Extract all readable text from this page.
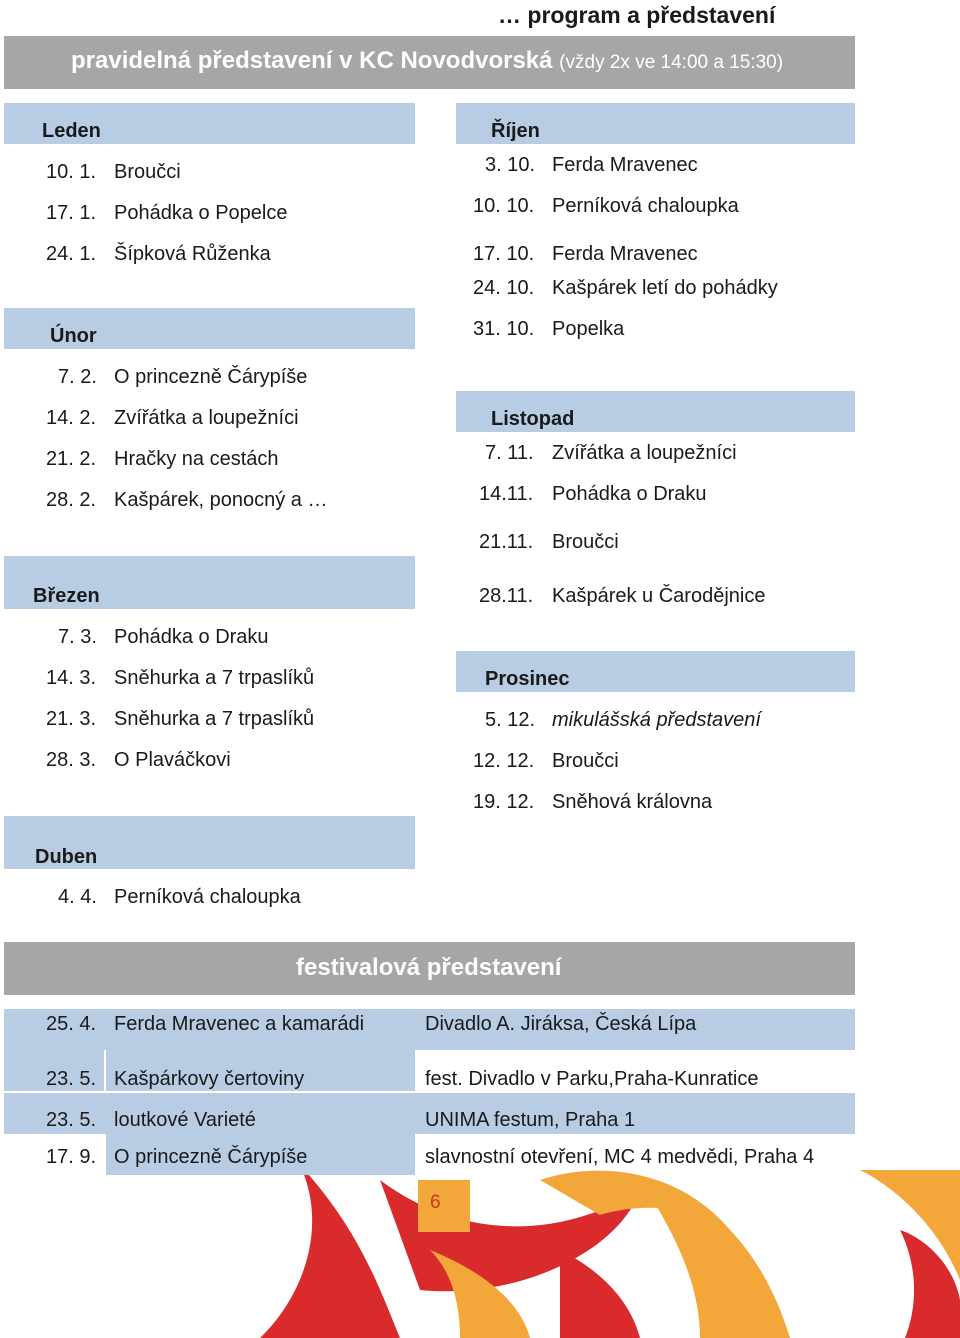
… program a představení
pravidelná představení v KC Novodvorská (vždy 2x ve 14:00 a 15:30)
Leden
10. 1. Broučci
17. 1. Pohádka o Popelce
24. 1. Šípková Růženka
Únor
7. 2. O princezně Čárypíše
14. 2. Zvířátka a loupežníci
21. 2. Hračky na cestách
28. 2. Kašpárek, ponocný a …
Březen
7. 3. Pohádka o Draku
14. 3. Sněhurka a 7 trpaslíků
21. 3. Sněhurka a 7 trpaslíků
28. 3. O Plaváčkovi
Duben
4. 4. Perníková chaloupka
Říjen
3. 10. Ferda Mravenec
10. 10. Perníková chaloupka
17. 10. Ferda Mravenec
24. 10. Kašpárek letí do pohádky
31. 10. Popelka
Listopad
7. 11. Zvířátka a loupežníci
14.11. Pohádka o Draku
21.11. Broučci
28.11. Kašpárek u Čarodějnice
Prosinec
5. 12. mikulášská představení
12. 12. Broučci
19. 12. Sněhová královna
festivalová představení
25. 4. Ferda Mravenec a kamarádi	Divadlo A. Jiráksa, Česká Lípa
23. 5. Kašpárkovy čertoviny	fest. Divadlo v Parku,Praha-Kunratice
23. 5. loutkové Varieté	UNIMA festum, Praha 1
17. 9. O princezně Čárypíše	slavnostní otevření, MC 4 medvědi, Praha 4
6
